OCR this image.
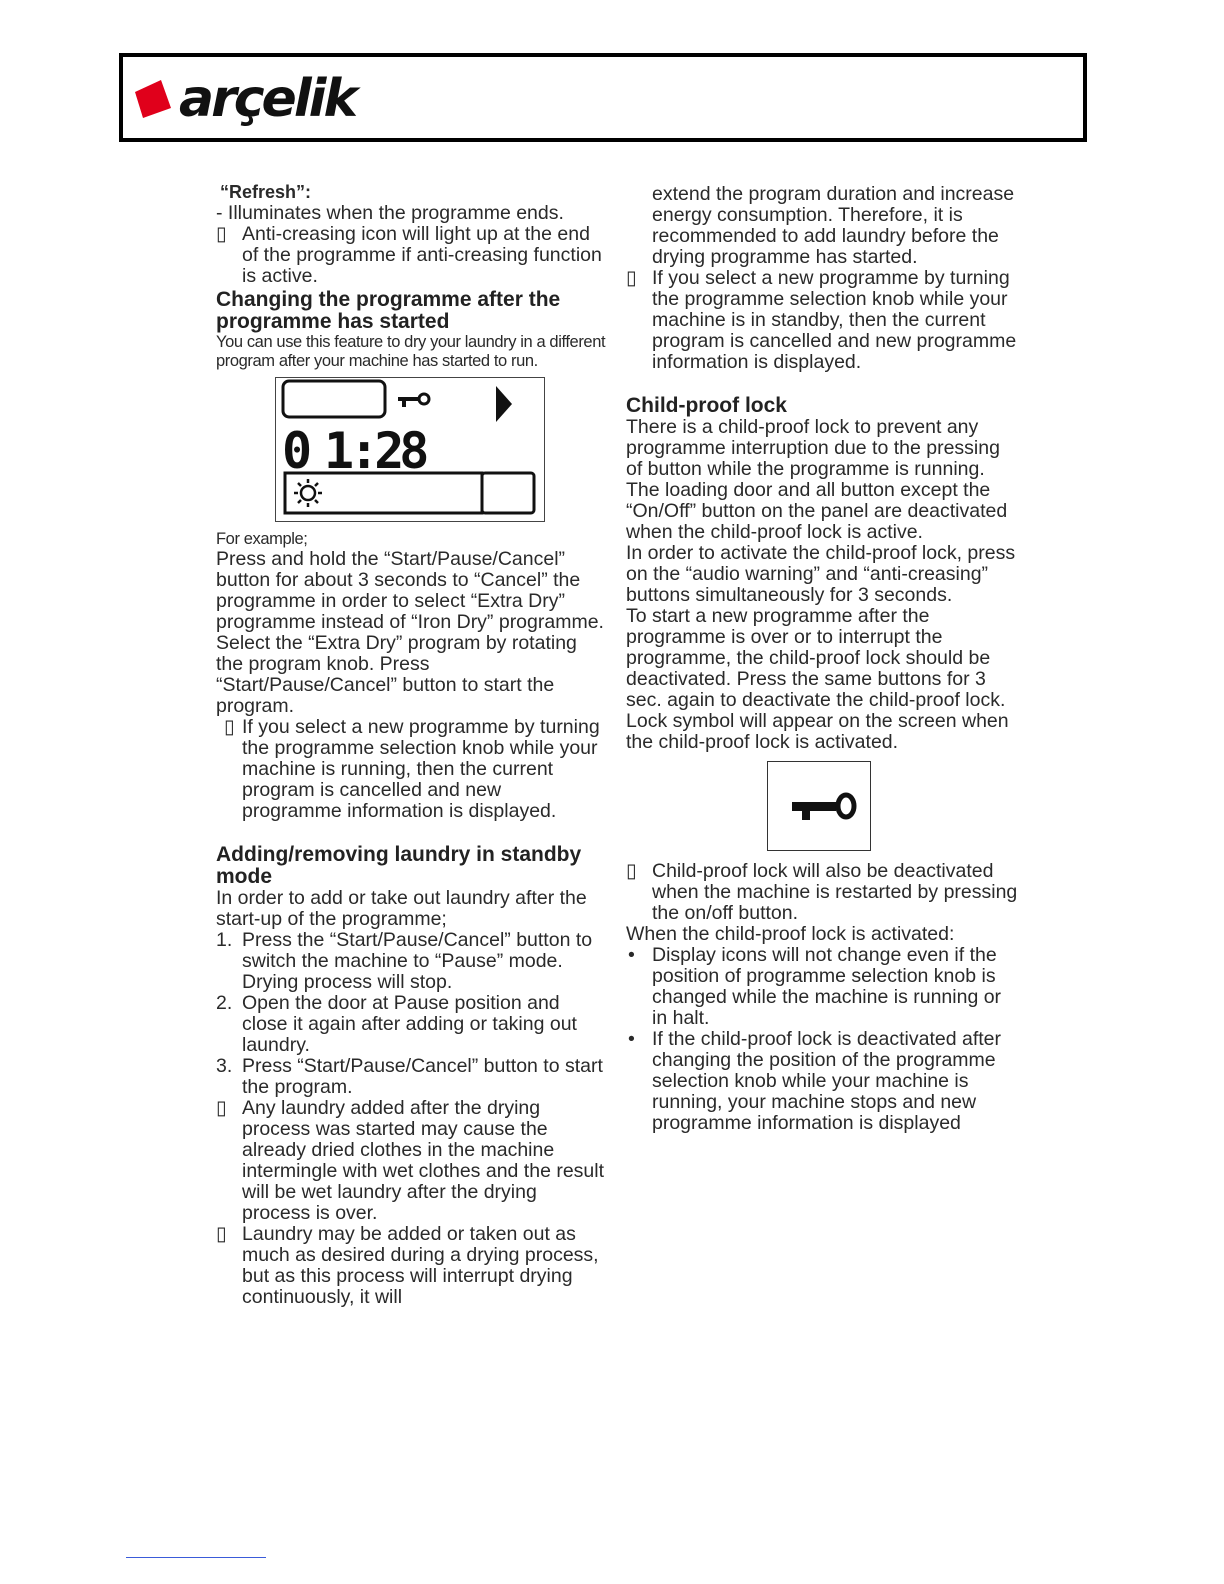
arçelik

“Refresh”:

- Illuminates when the programme ends.

▯ Anti-creasing icon will light up at the end of the programme if anti-creasing function is active.

Changing the programme after the programme has started

You can use this feature to dry your laundry in a different program after your machine has started to run.

0 1:28

For example;

Press and hold the “Start/Pause/Cancel” button for about 3 seconds to “Cancel” the programme in order to select “Extra Dry” programme instead of “Iron Dry” programme. Select the “Extra Dry” program by rotating the program knob. Press “Start/Pause/Cancel” button to start the program.

▯ If you select a new programme by turning the programme selection knob while your machine is running, then the current program is cancelled and new programme information is displayed.

Adding/removing laundry in standby mode

In order to add or take out laundry after the start-up of the programme;

1. Press the “Start/Pause/Cancel” button to switch the machine to “Pause” mode. Drying process will stop.

2. Open the door at Pause position and close it again after adding or taking out laundry.

3. Press “Start/Pause/Cancel” button to start the program.

▯ Any laundry added after the drying process was started may cause the already dried clothes in the machine intermingle with wet clothes and the result will be wet laundry after the drying process is over.

▯ Laundry may be added or taken out as much as desired during a drying process, but as this process will interrupt drying continuously, it will

extend the program duration and increase energy consumption. Therefore, it is recommended to add laundry before the drying programme has started.

▯ If you select a new programme by turning the programme selection knob while your machine is in standby, then the current program is cancelled and new programme information is displayed.

Child-proof lock

There is a child-proof lock to prevent any programme interruption due to the pressing of button while the programme is running. The loading door and all button except the “On/Off” button on the panel are deactivated when the child-proof lock is active.

In order to activate the child-proof lock, press on the “audio warning” and “anti-creasing” buttons simultaneously for 3 seconds.

To start a new programme after the programme is over or to interrupt the programme, the child-proof lock should be deactivated. Press the same buttons for 3 sec. again to deactivate the child-proof lock.

Lock symbol will appear on the screen when the child-proof lock is activated.

▯ Child-proof lock will also be deactivated when the machine is restarted by pressing the on/off button.

When the child-proof lock is activated:

• Display icons will not change even if the position of programme selection knob is changed while the machine is running or in halt.

• If the child-proof lock is deactivated after changing the position of the programme selection knob while your machine is running, your machine stops and new programme information is displayed
